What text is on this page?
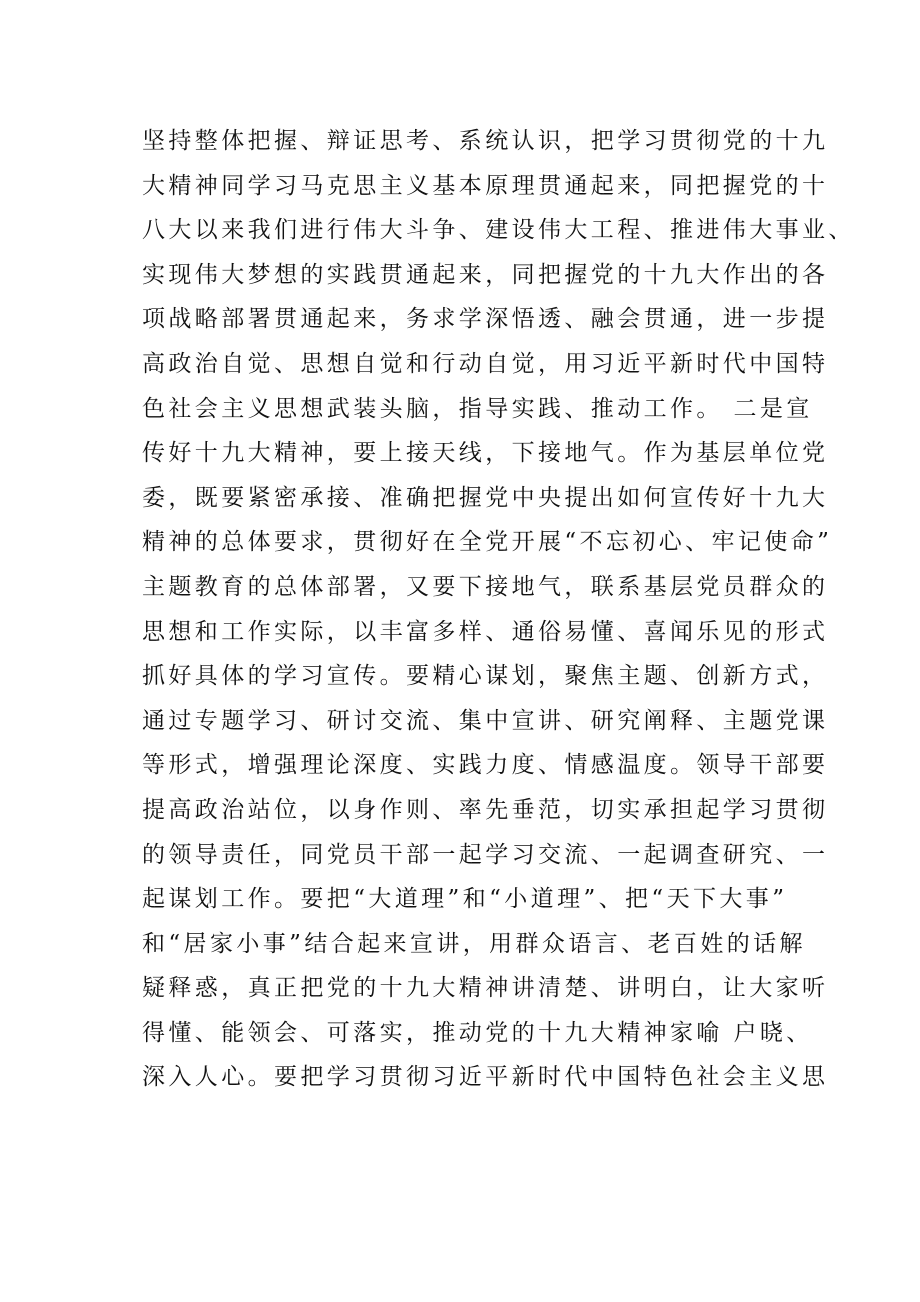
坚持整体把握、辩证思考、系统认识，把学习贯彻党的十九
大精神同学习马克思主义基本原理贯通起来，同把握党的十
八大以来我们进行伟大斗争、建设伟大工程、推进伟大事业、
实现伟大梦想的实践贯通起来，同把握党的十九大作出的各
项战略部署贯通起来，务求学深悟透、融会贯通，进一步提
高政治自觉、思想自觉和行动自觉，用习近平新时代中国特
色社会主义思想武装头脑，指导实践、推动工作。 二是宣
传好十九大精神，要上接天线，下接地气。作为基层单位党
委，既要紧密承接、准确把握党中央提出如何宣传好十九大
精神的总体要求，贯彻好在全党开展“不忘初心、牢记使命”
主题教育的总体部署，又要下接地气，联系基层党员群众的
思想和工作实际，以丰富多样、通俗易懂、喜闻乐见的形式
抓好具体的学习宣传。要精心谋划，聚焦主题、创新方式，
通过专题学习、研讨交流、集中宣讲、研究阐释、主题党课
等形式，增强理论深度、实践力度、情感温度。领导干部要
提高政治站位，以身作则、率先垂范，切实承担起学习贯彻
的领导责任，同党员干部一起学习交流、一起调查研究、一
起谋划工作。要把“大道理”和“小道理”、把“天下大事”
和“居家小事”结合起来宣讲，用群众语言、老百姓的话解
疑释惑，真正把党的十九大精神讲清楚、讲明白，让大家听
得懂、能领会、可落实，推动党的十九大精神家喻 户晓、
深入人心。要把学习贯彻习近平新时代中国特色社会主义思
